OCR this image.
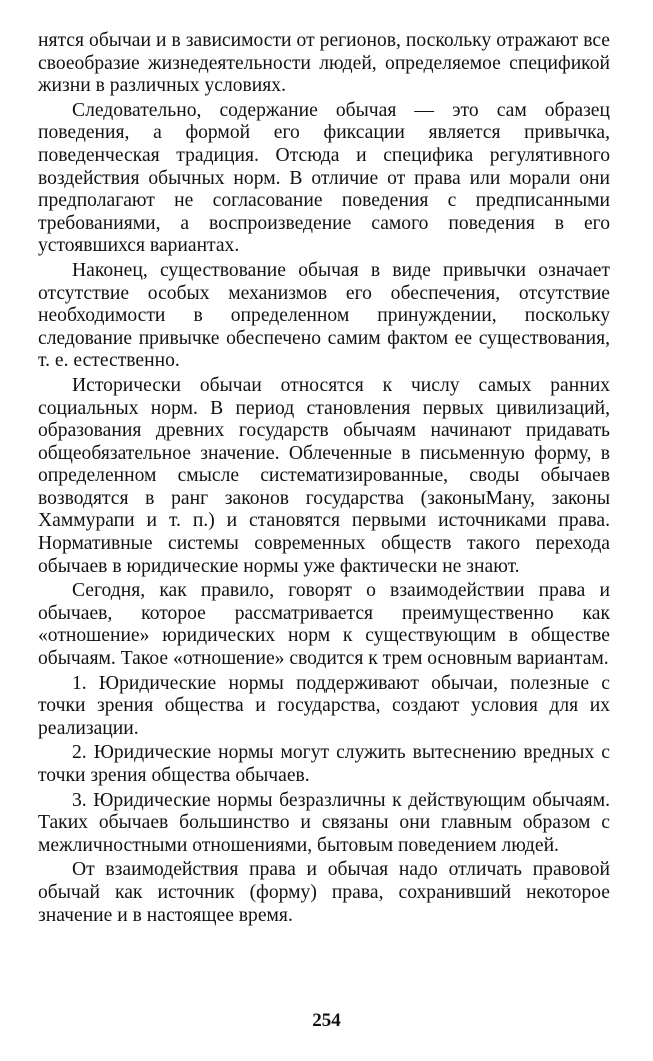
нятся обычаи и в зависимости от регионов, поскольку отражают все своеобразие жизнедеятельности людей, определяемое спецификой жизни в различных условиях.

Следовательно, содержание обычая — это сам образец поведения, а формой его фиксации является привычка, поведенческая традиция. Отсюда и специфика регулятивного воздействия обычных норм. В отличие от права или морали они предполагают не согласование поведения с предписанными требованиями, а воспроизведение самого поведения в его устоявшихся вариантах.

Наконец, существование обычая в виде привычки означает отсутствие особых механизмов его обеспечения, отсутствие необходимости в определенном принуждении, поскольку следование привычке обеспечено самим фактом ее существования, т. е. естественно.

Исторически обычаи относятся к числу самых ранних социальных норм. В период становления первых цивилизаций, образования древних государств обычаям начинают придавать общеобязательное значение. Облеченные в письменную форму, в определенном смысле систематизированные, своды обычаев возводятся в ранг законов государства (законыМану, законы Хаммурапи и т. п.) и становятся первыми источниками права. Нормативные системы современных обществ такого перехода обычаев в юридические нормы уже фактически не знают.

Сегодня, как правило, говорят о взаимодействии права и обычаев, которое рассматривается преимущественно как «отношение» юридических норм к существующим в обществе обычаям. Такое «отношение» сводится к трем основным вариантам.

1. Юридические нормы поддерживают обычаи, полезные с точки зрения общества и государства, создают условия для их реализации.

2. Юридические нормы могут служить вытеснению вредных с точки зрения общества обычаев.

3. Юридические нормы безразличны к действующим обычаям. Таких обычаев большинство и связаны они главным образом с межличностными отношениями, бытовым поведением людей.

От взаимодействия права и обычая надо отличать правовой обычай как источник (форму) права, сохранивший некоторое значение и в настоящее время.

254
